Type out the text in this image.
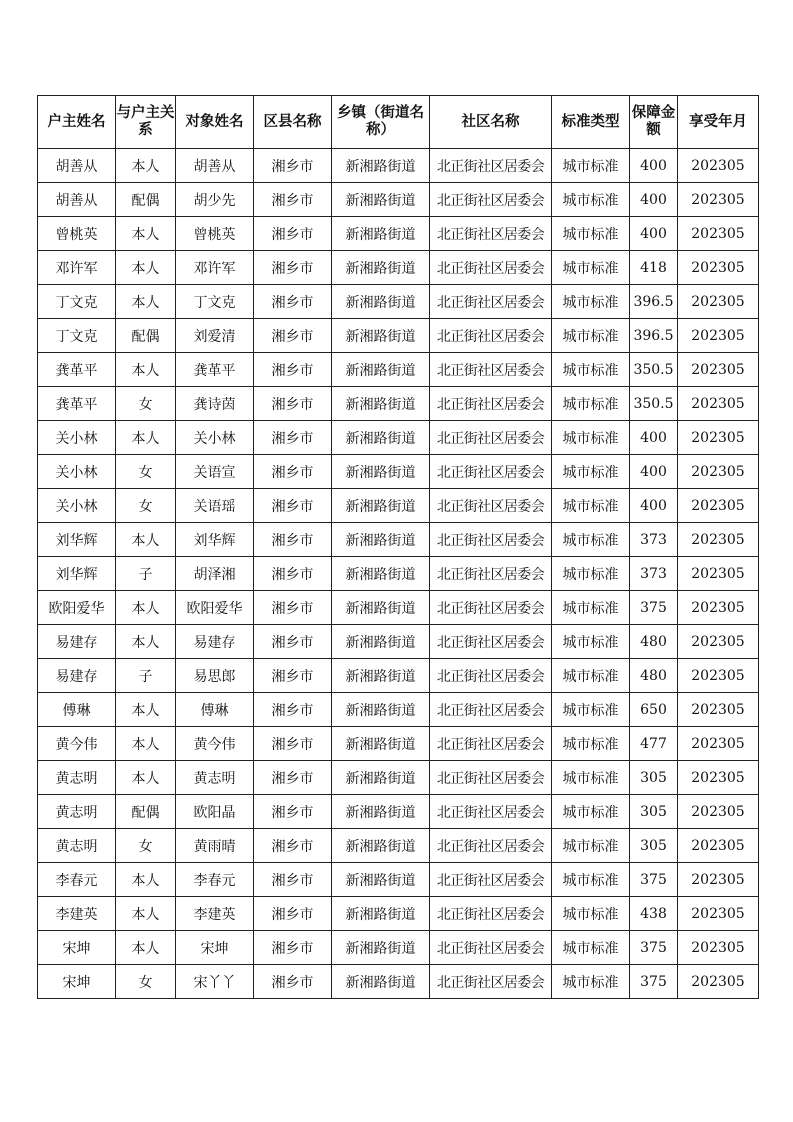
户主姓名	与户主关系	对象姓名	区县名称	乡镇（街道名称）	社区名称	标准类型	保障金额	享受年月
胡善从	本人	胡善从	湘乡市	新湘路街道	北正街社区居委会	城市标准	400	202305
胡善从	配偶	胡少先	湘乡市	新湘路街道	北正街社区居委会	城市标准	400	202305
曾桃英	本人	曾桃英	湘乡市	新湘路街道	北正街社区居委会	城市标准	400	202305
邓许军	本人	邓许军	湘乡市	新湘路街道	北正街社区居委会	城市标准	418	202305
丁文克	本人	丁文克	湘乡市	新湘路街道	北正街社区居委会	城市标准	396.5	202305
丁文克	配偶	刘爱清	湘乡市	新湘路街道	北正街社区居委会	城市标准	396.5	202305
龚革平	本人	龚革平	湘乡市	新湘路街道	北正街社区居委会	城市标准	350.5	202305
龚革平	女	龚诗茵	湘乡市	新湘路街道	北正街社区居委会	城市标准	350.5	202305
关小林	本人	关小林	湘乡市	新湘路街道	北正街社区居委会	城市标准	400	202305
关小林	女	关语宣	湘乡市	新湘路街道	北正街社区居委会	城市标准	400	202305
关小林	女	关语瑶	湘乡市	新湘路街道	北正街社区居委会	城市标准	400	202305
刘华辉	本人	刘华辉	湘乡市	新湘路街道	北正街社区居委会	城市标准	373	202305
刘华辉	子	胡泽湘	湘乡市	新湘路街道	北正街社区居委会	城市标准	373	202305
欧阳爱华	本人	欧阳爱华	湘乡市	新湘路街道	北正街社区居委会	城市标准	375	202305
易建存	本人	易建存	湘乡市	新湘路街道	北正街社区居委会	城市标准	480	202305
易建存	子	易思郎	湘乡市	新湘路街道	北正街社区居委会	城市标准	480	202305
傅琳	本人	傅琳	湘乡市	新湘路街道	北正街社区居委会	城市标准	650	202305
黄今伟	本人	黄今伟	湘乡市	新湘路街道	北正街社区居委会	城市标准	477	202305
黄志明	本人	黄志明	湘乡市	新湘路街道	北正街社区居委会	城市标准	305	202305
黄志明	配偶	欧阳晶	湘乡市	新湘路街道	北正街社区居委会	城市标准	305	202305
黄志明	女	黄雨晴	湘乡市	新湘路街道	北正街社区居委会	城市标准	305	202305
李春元	本人	李春元	湘乡市	新湘路街道	北正街社区居委会	城市标准	375	202305
李建英	本人	李建英	湘乡市	新湘路街道	北正街社区居委会	城市标准	438	202305
宋坤	本人	宋坤	湘乡市	新湘路街道	北正街社区居委会	城市标准	375	202305
宋坤	女	宋丫丫	湘乡市	新湘路街道	北正街社区居委会	城市标准	375	202305
